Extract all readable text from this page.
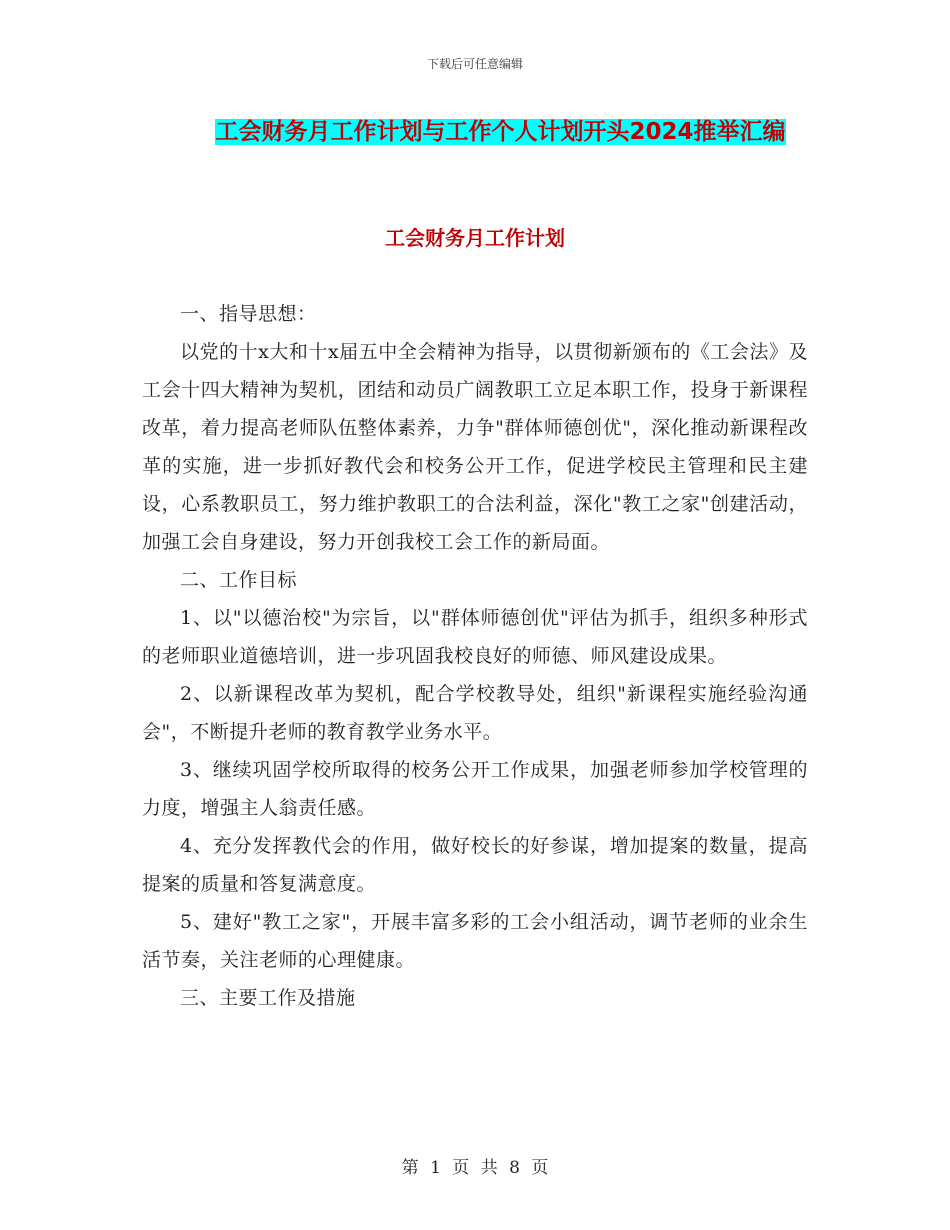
下载后可任意编辑
工会财务月工作计划与工作个人计划开头2024推举汇编
工会财务月工作计划

一、指导思想：

以党的十x大和十x届五中全会精神为指导，以贯彻新颁布的《工会法》及工会十四大精神为契机，团结和动员广阔教职工立足本职工作，投身于新课程改革，着力提高老师队伍整体素养，力争"群体师德创优"，深化推动新课程改革的实施，进一步抓好教代会和校务公开工作，促进学校民主管理和民主建设，心系教职员工，努力维护教职工的合法利益，深化"教工之家"创建活动，加强工会自身建设，努力开创我校工会工作的新局面。

二、工作目标

1、以"以德治校"为宗旨，以"群体师德创优"评估为抓手，组织多种形式的老师职业道德培训，进一步巩固我校良好的师德、师风建设成果。

2、以新课程改革为契机，配合学校教导处，组织"新课程实施经验沟通会"，不断提升老师的教育教学业务水平。

3、继续巩固学校所取得的校务公开工作成果，加强老师参加学校管理的力度，增强主人翁责任感。

4、充分发挥教代会的作用，做好校长的好参谋，增加提案的数量，提高提案的质量和答复满意度。

5、建好"教工之家"，开展丰富多彩的工会小组活动，调节老师的业余生活节奏，关注老师的心理健康。

三、主要工作及措施

第 1 页 共 8 页
